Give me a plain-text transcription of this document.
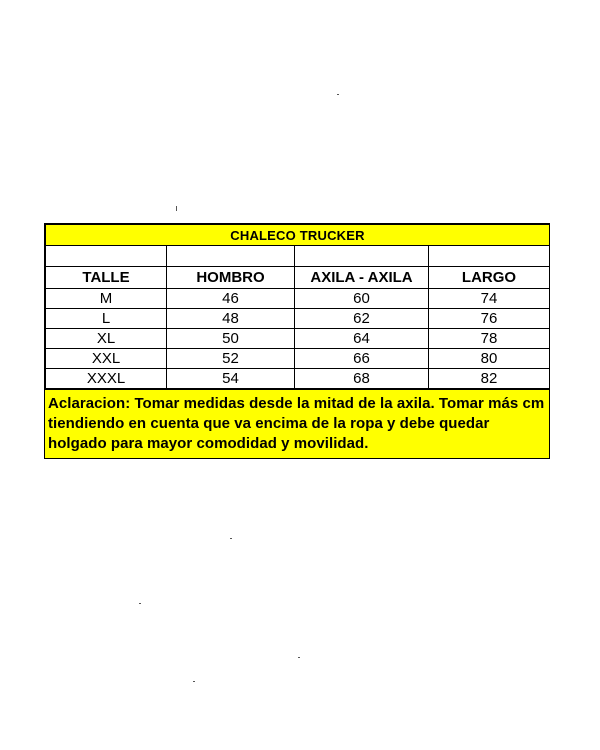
CHALECO TRUCKER			

TALLE	HOMBRO	AXILA - AXILA	LARGO
M	46	60	74
L	48	62	76
XL	50	64	78
XXL	52	66	80
XXXL	54	68	82
Aclaracion: Tomar medidas desde la mitad de la axila. Tomar más cm tiendiendo en cuenta que va encima de la ropa y debe quedar holgado para mayor comodidad y movilidad.
